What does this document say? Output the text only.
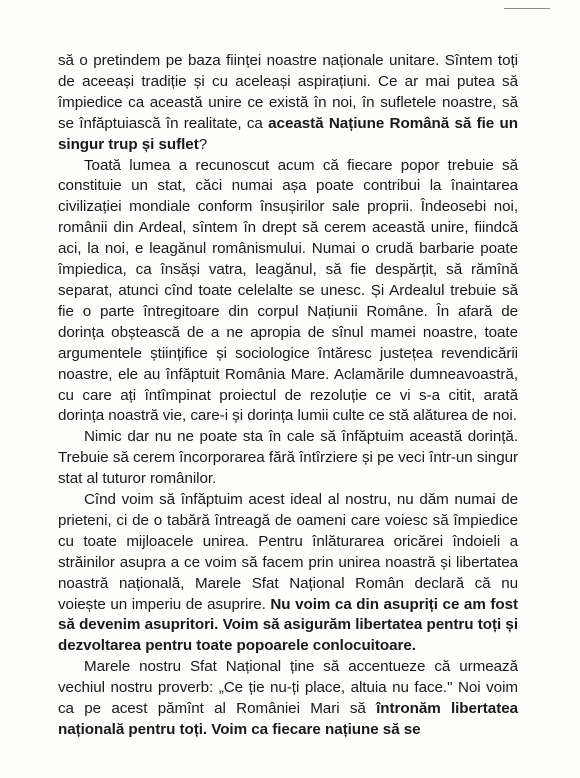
să o pretindem pe baza ființei noastre naționale unitare. Sîntem toți de aceeași tradiție și cu aceleași aspirațiuni. Ce ar mai putea să împiedice ca această unire ce există în noi, în sufletele noastre, să se înfăptuiască în realitate, ca această Națiune Română să fie un singur trup și suflet?

Toată lumea a recunoscut acum că fiecare popor trebuie să constituie un stat, căci numai așa poate contribui la înaintarea civilizației mondiale conform însușirilor sale proprii. Îndeosebi noi, românii din Ardeal, sîntem în drept să cerem această unire, fiindcă aci, la noi, e leagănul românismului. Numai o crudă barbarie poate împiedica, ca însăși vatra, leagănul, să fie despărțit, să rămînă separat, atunci cînd toate celelalte se unesc. Și Ardealul trebuie să fie o parte întregitoare din corpul Națiunii Române. În afară de dorința obștească de a ne apropia de sînul mamei noastre, toate argumentele științifice și sociologice întăresc justețea revendicării noastre, ele au înfăptuit România Mare. Aclamările dumneavoastră, cu care ați întîmpinat proiectul de rezoluție ce vi s-a citit, arată dorința noastră vie, care-i și dorința lumii culte ce stă alăturea de noi.

Nimic dar nu ne poate sta în cale să înfăptuim această dorință. Trebuie să cerem încorporarea fără întîrziere și pe veci într-un singur stat al tuturor românilor.

Cînd voim să înfăptuim acest ideal al nostru, nu dăm numai de prieteni, ci de o tabără întreagă de oameni care voiesc să împiedice cu toate mijloacele unirea. Pentru înlăturarea oricărei îndoieli a străinilor asupra a ce voim să facem prin unirea noastră și libertatea noastră națională, Marele Sfat Național Român declară că nu voiește un imperiu de asuprire. Nu voim ca din asupriți ce am fost să devenim asupritori. Voim să asigurăm libertatea pentru toți și dezvoltarea pentru toate popoarele conlocuitoare.

Marele nostru Sfat Național ține să accentueze că urmează vechiul nostru proverb: „Ce ție nu-ți place, altuia nu face." Noi voim ca pe acest pămînt al României Mari să întronăm libertatea națională pentru toți. Voim ca fiecare națiune să se
